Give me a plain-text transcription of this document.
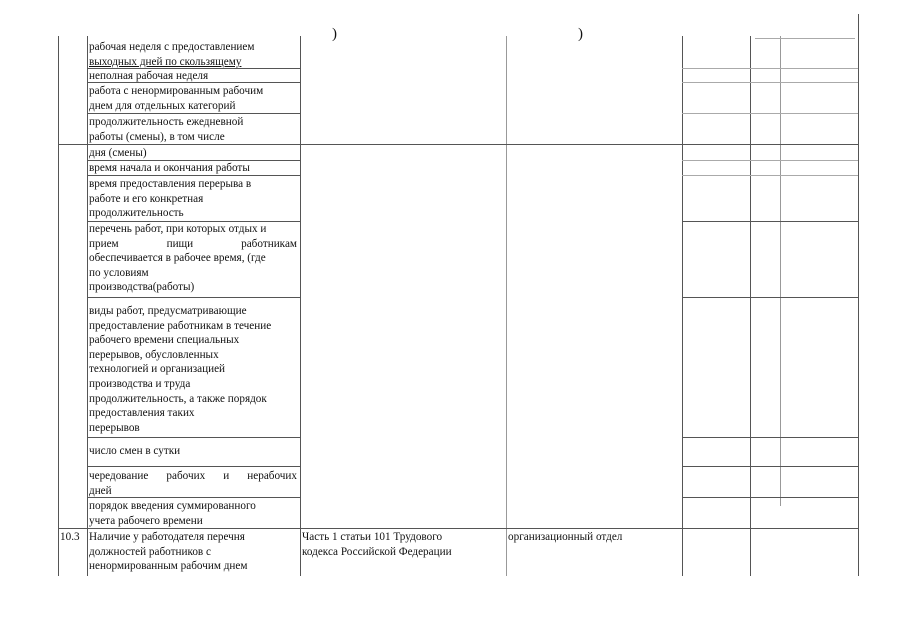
)	)
рабочая неделя с предоставлением
выходных дней по скользящему
неполная рабочая неделя
работа с ненормированным рабочим
днем для отдельных категорий
продолжительность ежедневной
работы (смены), в том числе
дня (смены)
время начала и окончания работы
время предоставления перерыва в
работе и его конкретная
продолжительность
перечень работ, при которых отдых и
прием пищи работникам
обеспечивается в рабочее время, (где
по условиям
производства(работы)
виды работ, предусматривающие
предоставление работникам в течение
рабочего времени специальных
перерывов, обусловленных
технологией и организацией
производства и труда
продолжительность, а также порядок
предоставления таких
перерывов
число смен в сутки
чередование рабочих и нерабочих
дней
порядок введения суммированного
учета рабочего времени
10.3 Наличие у работодателя перечня
должностей работников с
ненормированным рабочим днем
Часть 1 статьи 101 Трудового
кодекса Российской Федерации
организационный отдел
